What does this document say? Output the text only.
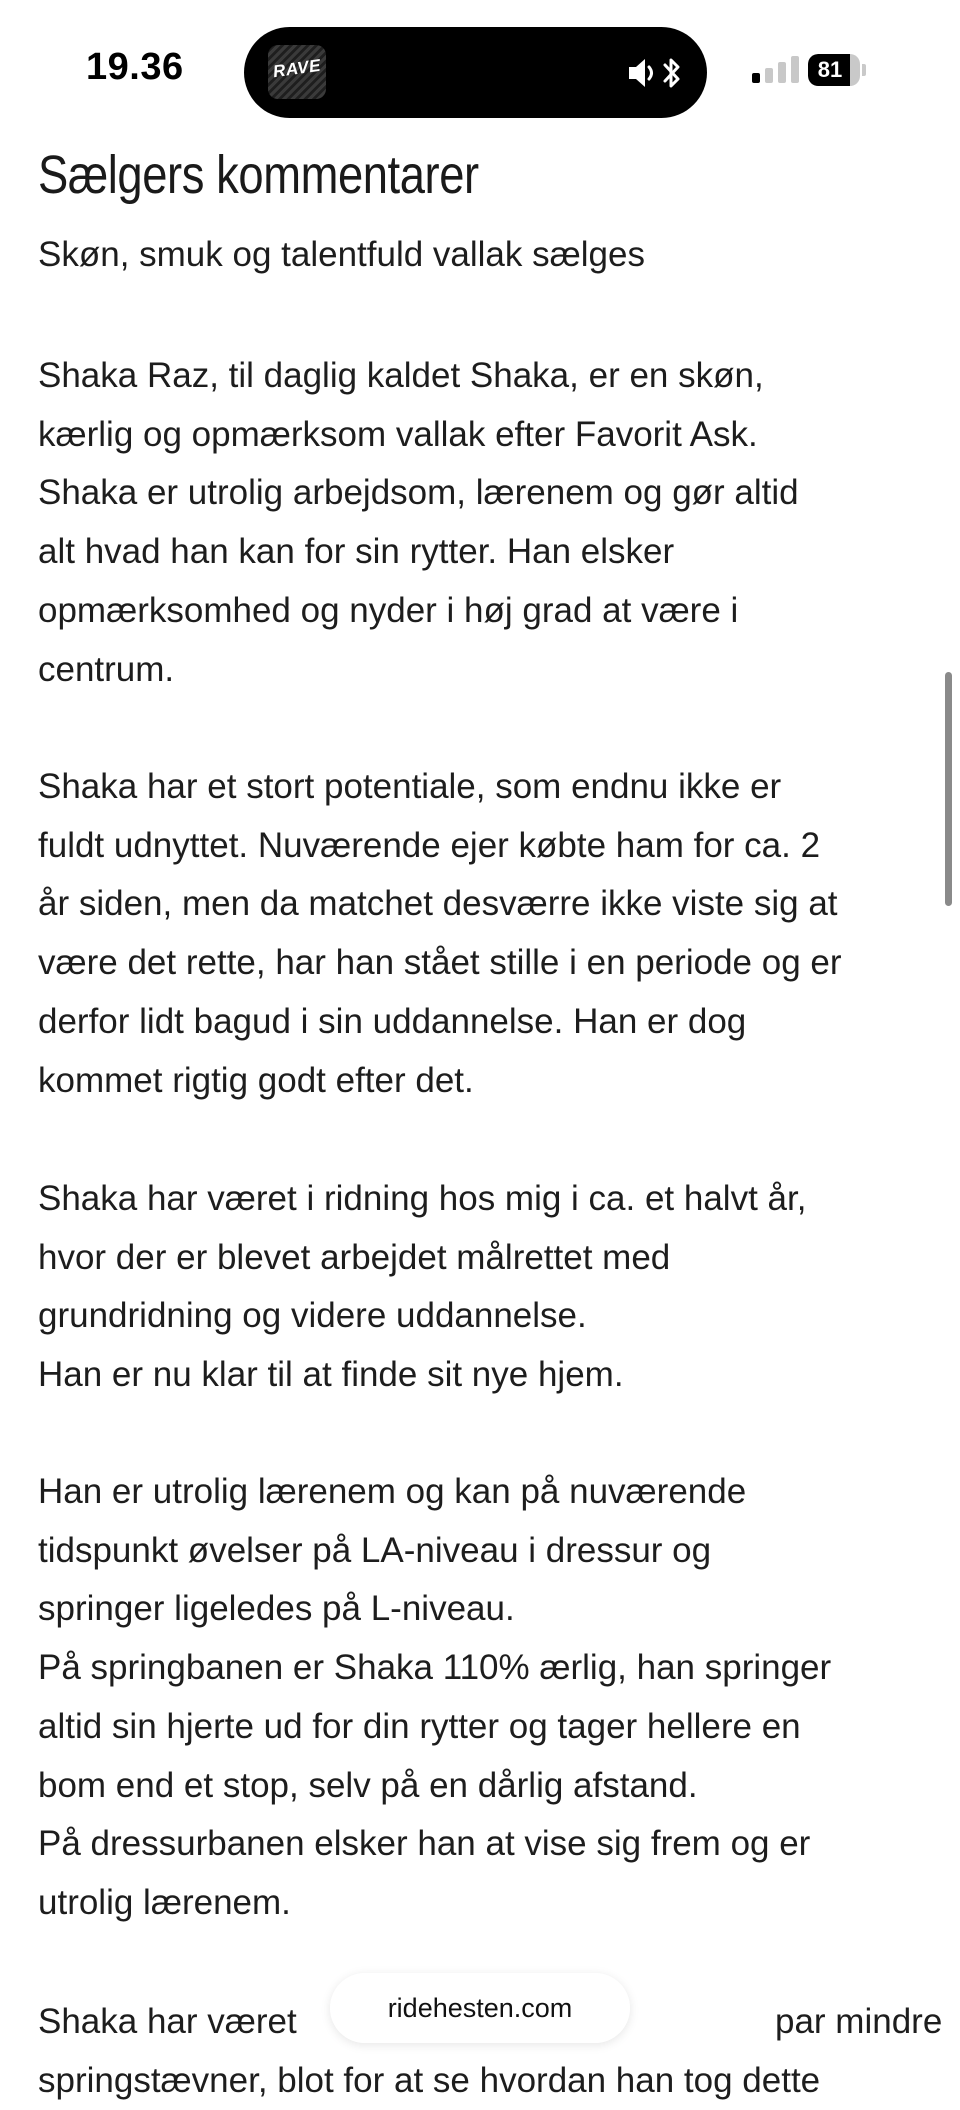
19.36	RAVE	81
Sælgers kommentarer
Skøn, smuk og talentfuld vallak sælges
Shaka Raz, til daglig kaldet Shaka, er en skøn,
kærlig og opmærksom vallak efter Favorit Ask.
Shaka er utrolig arbejdsom, lærenem og gør altid
alt hvad han kan for sin rytter. Han elsker
opmærksomhed og nyder i høj grad at være i
centrum.
Shaka har et stort potentiale, som endnu ikke er
fuldt udnyttet. Nuværende ejer købte ham for ca. 2
år siden, men da matchet desværre ikke viste sig at
være det rette, har han stået stille i en periode og er
derfor lidt bagud i sin uddannelse. Han er dog
kommet rigtig godt efter det.
Shaka har været i ridning hos mig i ca. et halvt år,
hvor der er blevet arbejdet målrettet med
grundridning og videre uddannelse.
Han er nu klar til at finde sit nye hjem.
Han er utrolig lærenem og kan på nuværende
tidspunkt øvelser på LA-niveau i dressur og
springer ligeledes på L-niveau.
På springbanen er Shaka 110% ærlig, han springer
altid sin hjerte ud for din rytter og tager hellere en
bom end et stop, selv på en dårlig afstand.
På dressurbanen elsker han at vise sig frem og er
utrolig lærenem.
Shaka har været	par mindre
springstævner, blot for at se hvordan han tog dette
ridehesten.com
